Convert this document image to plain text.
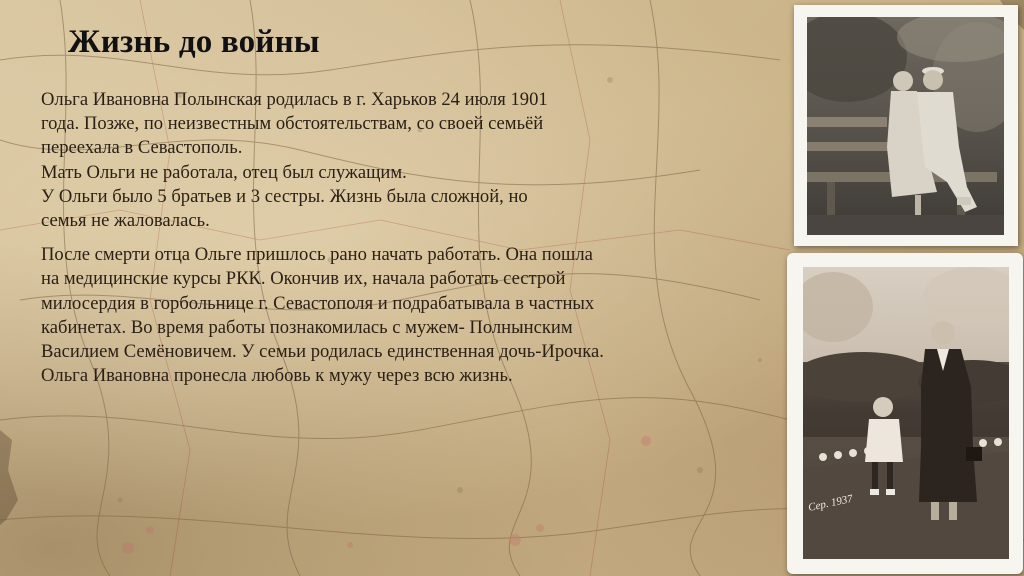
Жизнь до войны

Ольга Ивановна Полынская родилась в г. Харьков 24 июля 1901
года. Позже, по неизвестным обстоятельствам, со своей семьёй
переехала в Севастополь.
Мать Ольги не работала, отец был служащим.
У Ольги было 5 братьев и 3 сестры. Жизнь была сложной, но
семья не жаловалась.

После смерти отца Ольге пришлось рано начать работать. Она пошла
на медицинские курсы РКК. Окончив их, начала работать сестрой
милосердия в горбольнице г. Севастополя и подрабатывала в частных
кабинетах. Во время работы познакомилась с мужем- Полнынским
Василием Семёновичем. У семьи родилась единственная дочь-Ирочка.
Ольга Ивановна пронесла любовь к мужу через всю жизнь.

Сер. 1937
